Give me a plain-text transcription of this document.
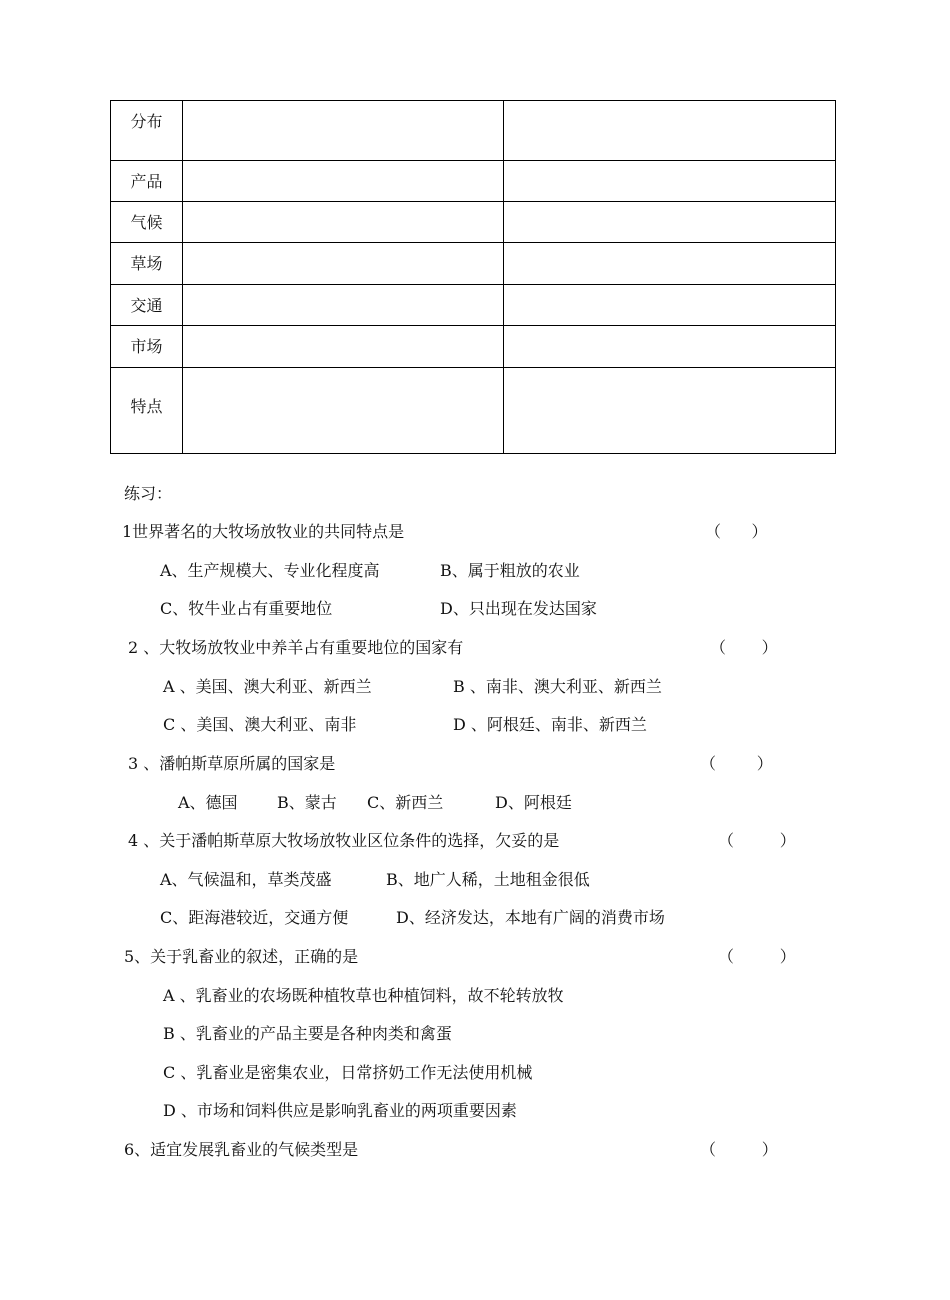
分布		
产品		
气候		
草场		
交通		
市场		
特点		
练习：
1世界著名的大牧场放牧业的共同特点是	（      ）
A、生产规模大、专业化程度高	B、属于粗放的农业
C、牧牛业占有重要地位	D、只出现在发达国家
2 、大牧场放牧业中养羊占有重要地位的国家有	（       ）
A 、美国、澳大利亚、新西兰	B 、南非、澳大利亚、新西兰
C 、美国、澳大利亚、南非	D 、阿根廷、南非、新西兰
3 、潘帕斯草原所属的国家是	（        ）
A、德国 B、蒙古 C、新西兰	D、阿根廷
4 、关于潘帕斯草原大牧场放牧业区位条件的选择，欠妥的是	（         ）
A、气候温和，草类茂盛	B、地广人稀，土地租金很低
C、距海港较近，交通方便	D、经济发达，本地有广阔的消费市场
5、关于乳畜业的叙述，正确的是	（         ）
A 、乳畜业的农场既种植牧草也种植饲料，故不轮转放牧
B 、乳畜业的产品主要是各种肉类和禽蛋
C 、乳畜业是密集农业，日常挤奶工作无法使用机械
D 、市场和饲料供应是影响乳畜业的两项重要因素
6、适宜发展乳畜业的气候类型是	（         ）
